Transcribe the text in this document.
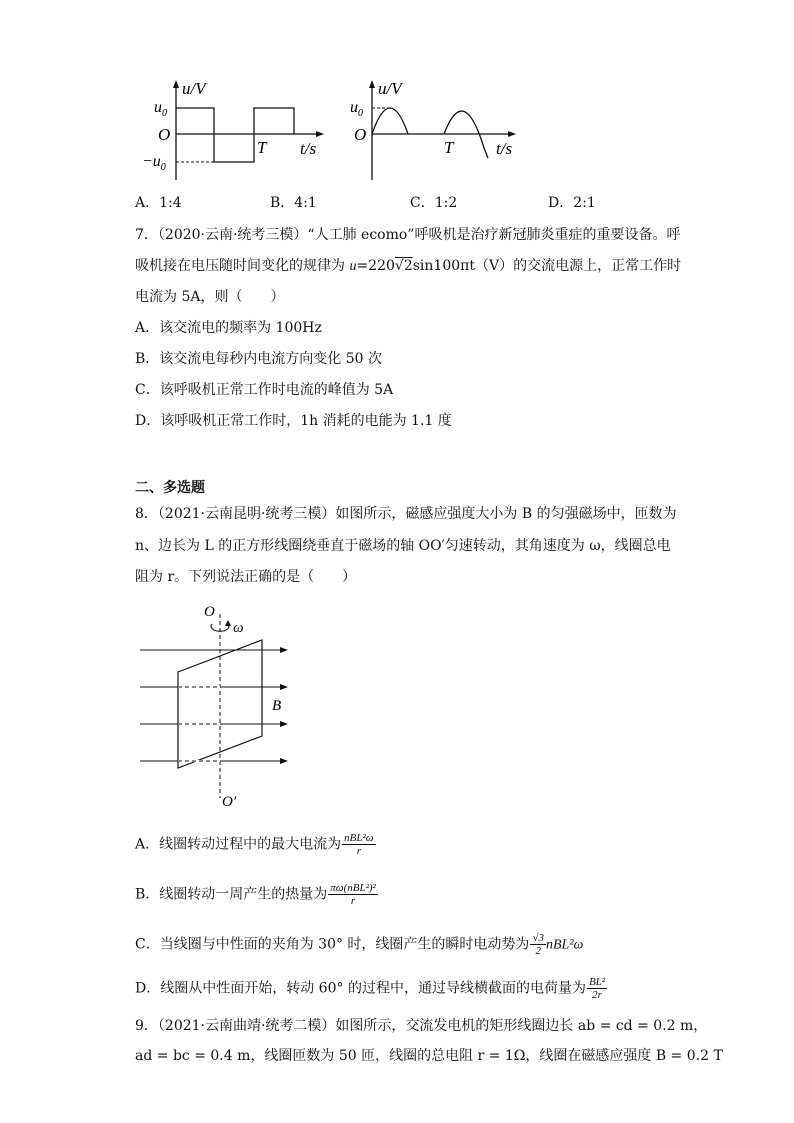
u/V
$u_0$
O
$-u_0$
T t/s
u/V
$u_0$
O
T	t/s
A．1:4	B．4:1	C．1:2	D．2:1
7．（2020·云南·统考三模）“人工肺 ecomo”呼吸机是治疗新冠肺炎重症的重要设备。呼
吸机接在电压随时间变化的规律为 u=220√2sin100πt（V）的交流电源上，正常工作时
电流为 5A，则（　　）
A．该交流电的频率为 100Hz
B．该交流电每秒内电流方向变化 50 次
C．该呼吸机正常工作时电流的峰值为 5A
D．该呼吸机正常工作时，1h 消耗的电能为 1.1 度
二、多选题
8．（2021·云南昆明·统考三模）如图所示，磁感应强度大小为 B 的匀强磁场中，匝数为
n、边长为 L 的正方形线圈绕垂直于磁场的轴 OO′匀速转动，其角速度为 ω，线圈总电
阻为 r。下列说法正确的是（　　）
O
ω
B
O′
A．线圈转动过程中的最大电流为 $\frac{\text{nBL²ω}}{r}$
B．线圈转动一周产生的热量为 $\frac{\text{πω(nBL²)²}}{r}$
C．当线圈与中性面的夹角为 30° 时，线圈产生的瞬时电动势为 $\frac{√3}{2} nBL^2\omega$
D．线圈从中性面开始，转动 60° 的过程中，通过导线横截面的电荷量为 $\frac{\text{BL²}}{2r}$
9．（2021·云南曲靖·统考二模）如图所示，交流发电机的矩形线圈边长 ab = cd = 0.2 m，
ad = bc = 0.4 m，线圈匝数为 50 匝，线圈的总电阻 r = 1Ω，线圈在磁感应强度 B = 0.2 T
